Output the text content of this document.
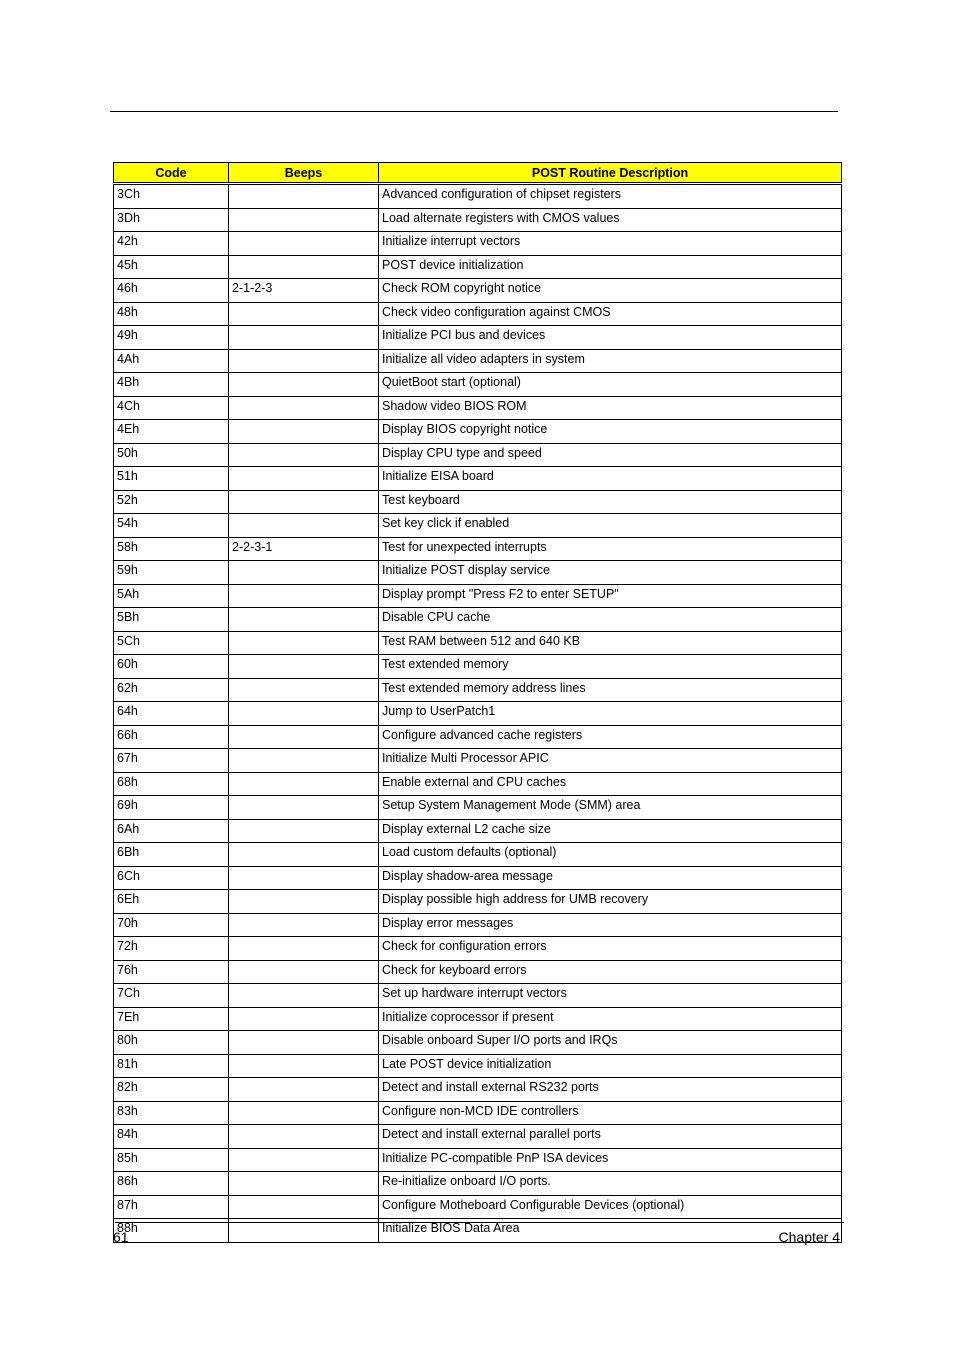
Code	Beeps	POST Routine Description
3Ch		Advanced configuration of chipset registers
3Dh		Load alternate registers with CMOS values
42h		Initialize interrupt vectors
45h		POST device initialization
46h	2-1-2-3	Check ROM copyright notice
48h		Check video configuration against CMOS
49h		Initialize PCI bus and devices
4Ah		Initialize all video adapters in system
4Bh		QuietBoot start (optional)
4Ch		Shadow video BIOS ROM
4Eh		Display BIOS copyright notice
50h		Display CPU type and speed
51h		Initialize EISA board
52h		Test keyboard
54h		Set key click if enabled
58h	2-2-3-1	Test for unexpected interrupts
59h		Initialize POST display service
5Ah		Display prompt "Press F2 to enter SETUP"
5Bh		Disable CPU cache
5Ch		Test RAM between 512 and 640 KB
60h		Test extended memory
62h		Test extended memory address lines
64h		Jump to UserPatch1
66h		Configure advanced cache registers
67h		Initialize Multi Processor APIC
68h		Enable external and CPU caches
69h		Setup System Management Mode (SMM) area
6Ah		Display external L2 cache size
6Bh		Load custom defaults (optional)
6Ch		Display shadow-area message
6Eh		Display possible high address for UMB recovery
70h		Display error messages
72h		Check for configuration errors
76h		Check for keyboard errors
7Ch		Set up hardware interrupt vectors
7Eh		Initialize coprocessor if present
80h		Disable onboard Super I/O ports and IRQs
81h		Late POST device initialization
82h		Detect and install external RS232 ports
83h		Configure non-MCD IDE controllers
84h		Detect and install external parallel ports
85h		Initialize PC-compatible PnP ISA devices
86h		Re-initialize onboard I/O ports.
87h		Configure Motheboard Configurable Devices (optional)
88h		Initialize BIOS Data Area
61	Chapter 4
